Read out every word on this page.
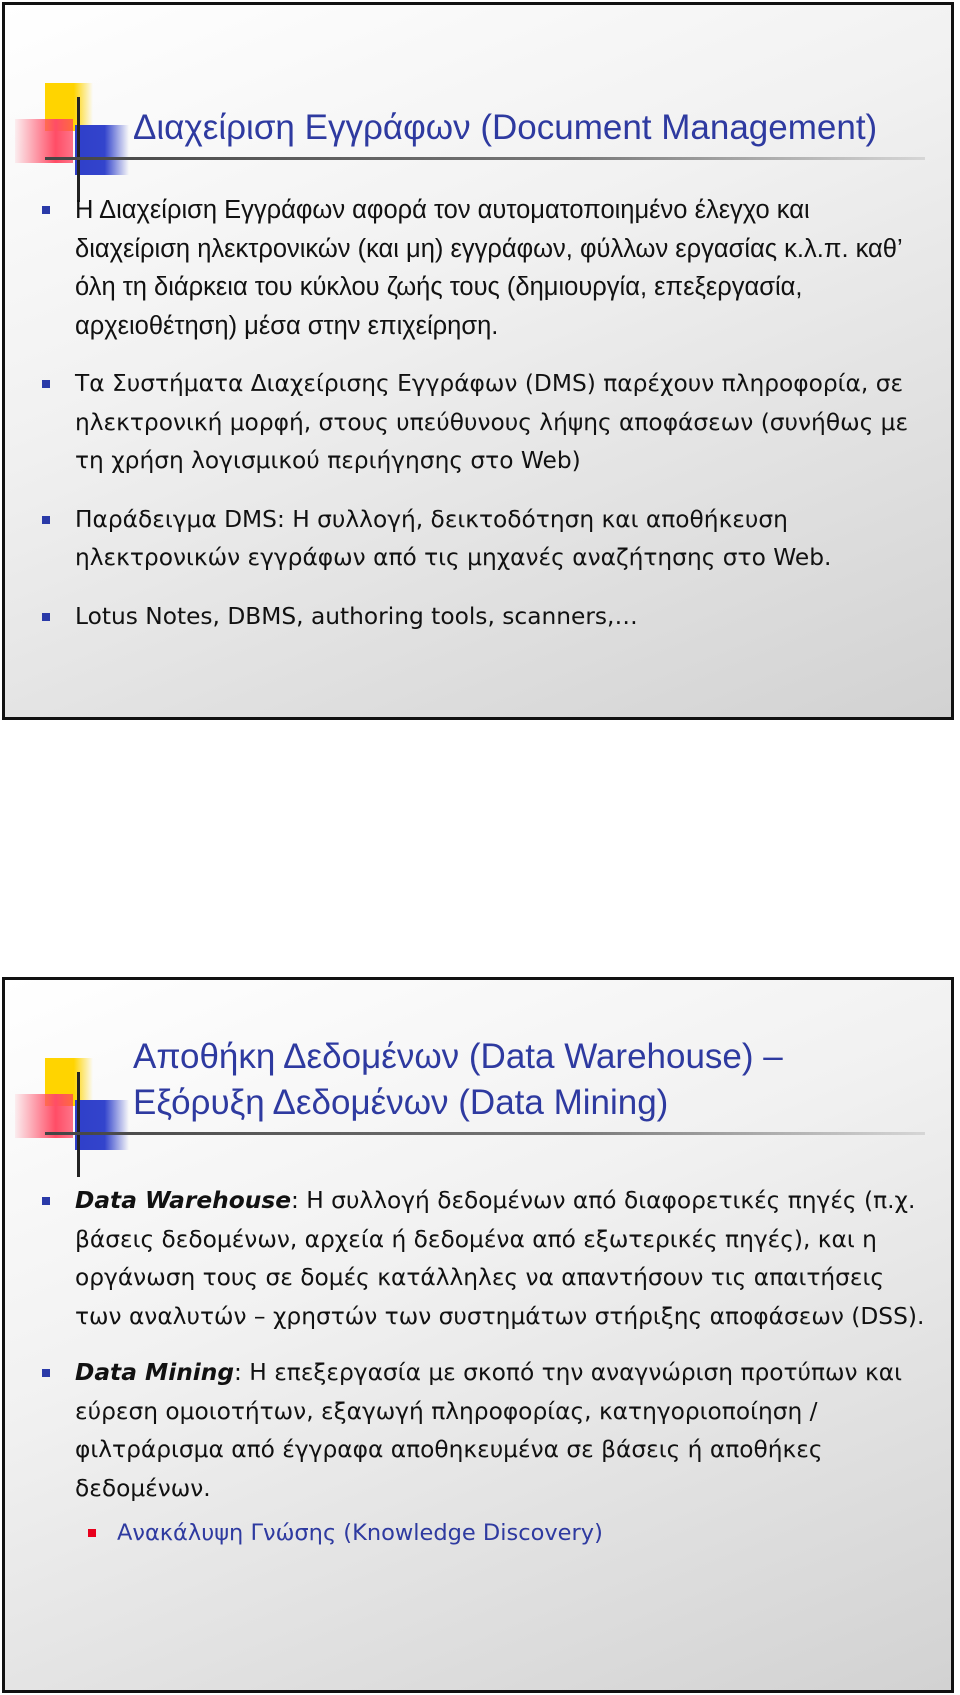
Διαχείριση Εγγράφων (Document Management)
Η Διαχείριση Εγγράφων αφορά τον αυτοματοποιημένο έλεγχο και διαχείριση ηλεκτρονικών (και μη) εγγράφων, φύλλων εργασίας κ.λ.π. καθ’ όλη τη διάρκεια του κύκλου ζωής τους (δημιουργία, επεξεργασία, αρχειοθέτηση) μέσα στην επιχείρηση.
Τα Συστήματα Διαχείρισης Εγγράφων (DMS) παρέχουν πληροφορία, σε ηλεκτρονική μορφή, στους υπεύθυνους λήψης αποφάσεων (συνήθως με τη χρήση λογισμικού περιήγησης στο Web)
Παράδειγμα DMS: Η συλλογή, δεικτοδότηση και αποθήκευση ηλεκτρονικών εγγράφων από τις μηχανές αναζήτησης στο Web.
Lotus Notes, DBMS, authoring tools, scanners,…
Αποθήκη Δεδομένων (Data Warehouse) –
Εξόρυξη Δεδομένων (Data Mining)
Data Warehouse: Η συλλογή δεδομένων από διαφορετικές πηγές (π.χ. βάσεις δεδομένων, αρχεία ή δεδομένα από εξωτερικές πηγές), και η οργάνωση τους σε δομές κατάλληλες να απαντήσουν τις απαιτήσεις των αναλυτών – χρηστών των συστημάτων στήριξης αποφάσεων (DSS).
Data Mining: Η επεξεργασία με σκοπό την αναγνώριση προτύπων και εύρεση ομοιοτήτων, εξαγωγή πληροφορίας, κατηγοριοποίηση / φιλτράρισμα από έγγραφα αποθηκευμένα σε βάσεις ή αποθήκες δεδομένων.
Ανακάλυψη Γνώσης (Knowledge Discovery)
